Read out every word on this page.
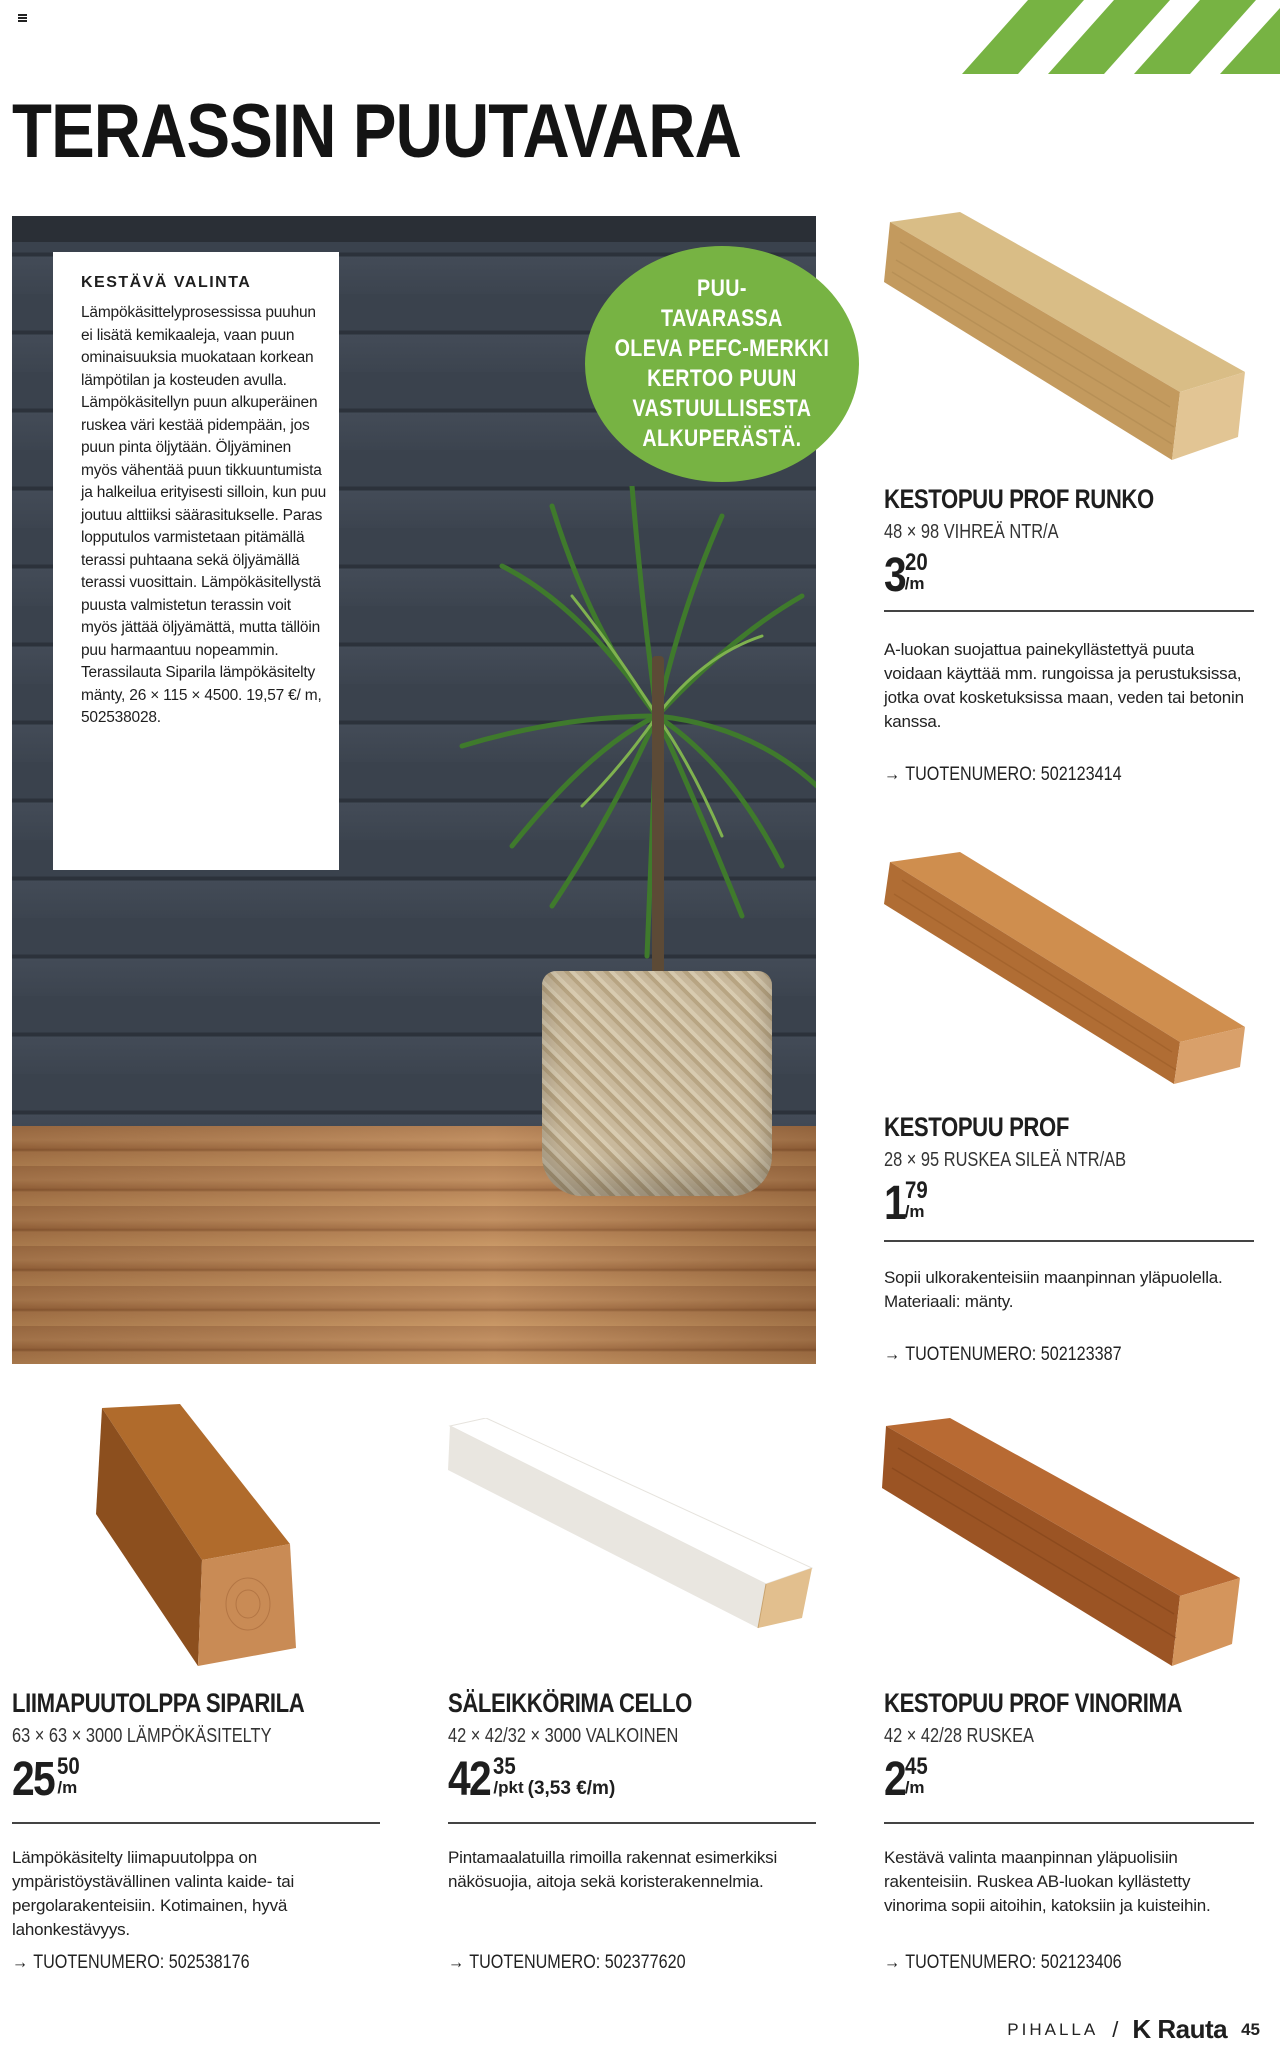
TERASSIN PUUTAVARA
KESTÄVÄ VALINTA

Lämpökäsittelyprosessissa puuhun ei lisätä kemikaaleja, vaan puun ominaisuuksia muokataan korkean lämpötilan ja kosteuden avulla. Lämpökäsitellyn puun alkuperäinen ruskea väri kestää pidempään, jos puun pinta öljytään. Öljyäminen myös vähentää puun tikkuuntumista ja halkeilua erityisesti silloin, kun puu joutuu alttiiksi säärasitukselle. Paras lopputulos varmistetaan pitämällä terassi puhtaana sekä öljyämällä terassi vuosittain. Lämpökäsitellystä puusta valmistetun terassin voit myös jättää öljyämättä, mutta tällöin puu harmaantuu nopeammin. Terassilauta Siparila lämpökäsitelty mänty, 26 × 115 × 4500. 19,57 €/ m, 502538028.

PUU-
TAVARASSA
OLEVA PEFC-MERKKI
KERTOO PUUN
VASTUULLISESTA
ALKUPERÄSTÄ.
KESTOPUU PROF RUNKO
48 × 98 VIHREÄ NTR/A
3 20
/m
A-luokan suojattua painekyllästettyä puuta voidaan käyttää mm. rungoissa ja perustuksissa, jotka ovat kosketuksissa maan, veden tai betonin kanssa.
→ TUOTENUMERO: 502123414
KESTOPUU PROF
28 × 95 RUSKEA SILEÄ NTR/AB
1 79
/m
Sopii ulkorakenteisiin maanpinnan yläpuolella. Materiaali: mänty.
→ TUOTENUMERO: 502123387
LIIMAPUUTOLPPA SIPARILA
63 × 63 × 3000 LÄMPÖKÄSITELTY
25 50
/m
Lämpökäsitelty liimapuutolppa on ympäristöystävällinen valinta kaide- tai pergolarakenteisiin. Kotimainen, hyvä lahonkestävyys.
→ TUOTENUMERO: 502538176
SÄLEIKKÖRIMA CELLO
42 × 42/32 × 3000 VALKOINEN
42 35
/pkt (3,53 €/m)
Pintamaalatuilla rimoilla rakennat esimerkiksi näkösuojia, aitoja sekä koristerakennelmia.
→ TUOTENUMERO: 502377620
KESTOPUU PROF VINORIMA
42 × 42/28 RUSKEA
2 45
/m
Kestävä valinta maanpinnan yläpuolisiin rakenteisiin. Ruskea AB-luokan kyllästetty vinorima sopii aitoihin, katoksiin ja kuisteihin.
→ TUOTENUMERO: 502123406
PIHALLA / K Rauta 45
